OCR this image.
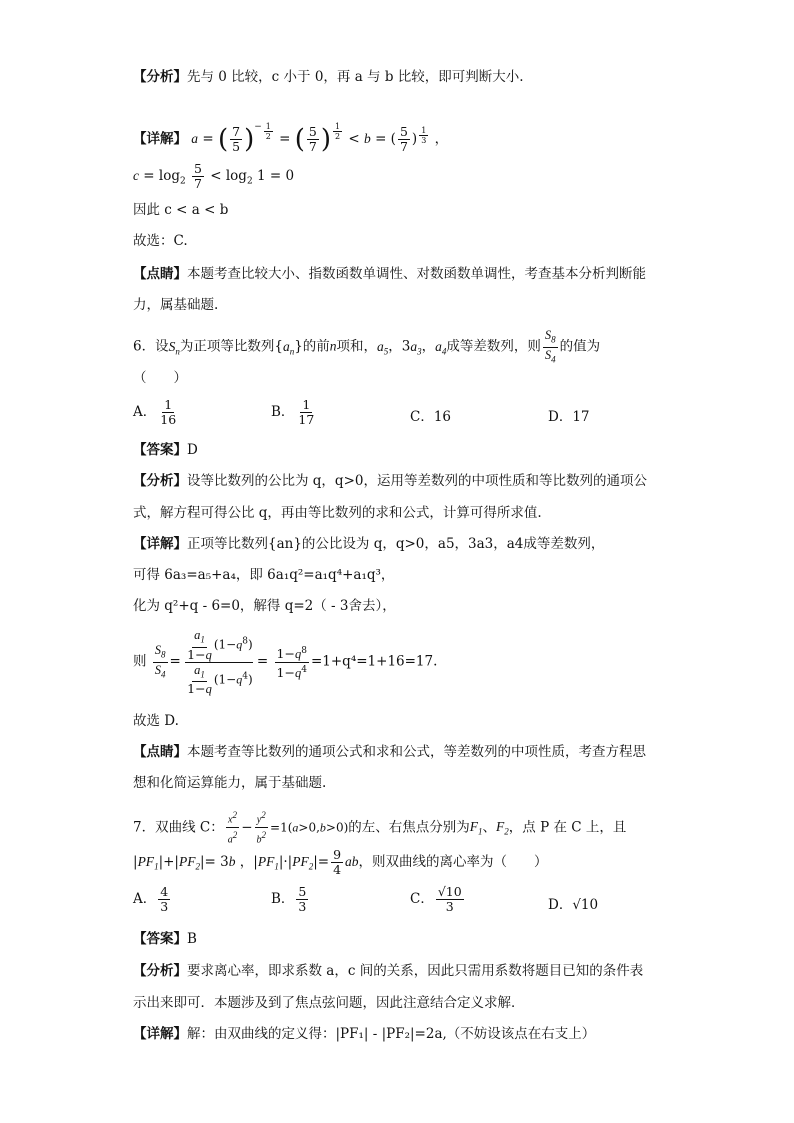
【分析】先与 0 比较，c 小于 0，再 a 与 b 比较，即可判断大小.
【详解】 a = ( $\frac{7}{5} )^{- \frac{1}{2}}$ = ( $\frac{5}{7}$ ) $^{\frac{1}{2}}$ < b = ( $\frac{5}{7}$ ) $^{\frac{1}{3}}$ ，
$c = \log_2 \frac{5}{7} < \log_2 1 = 0$
因此 c < a < b
故选：C.
【点睛】本题考查比较大小、指数函数单调性、对数函数单调性，考查基本分析判断能
力，属基础题.
6．设$S_n$为正项等比数列$\{a_n\}$的前n项和，$a_5$，$3a_3$，$a_4$成等差数列，则 $\frac{S_8}{S_4}$ 的值为
（　　）
A． $\frac{1}{16}$	B． $\frac{1}{17}$	C．16	D．17
【答案】D
【分析】设等比数列的公比为 q，q>0，运用等差数列的中项性质和等比数列的通项公
式，解方程可得公比 q，再由等比数列的求和公式，计算可得所求值.
【详解】正项等比数列{an}的公比设为 q，q>0，a5，3a3，a4成等差数列，
可得 6a₃=a₅+a₄，即 6a₁q²=a₁q⁴+a₁q³，
化为 q²+q - 6=0，解得 q=2（ - 3舍去），
则 $\frac{S_8}{S_4} = \frac{\frac{a_1}{1-q} (1-q^8)}{\frac{a_1}{1-q} (1-q^4)} = \frac{1-q^8}{1-q^4} =1+q^4=1+16=17$.
故选 D.
【点睛】本题考查等比数列的通项公式和求和公式，等差数列的中项性质，考查方程思
想和化简运算能力，属于基础题.
7．双曲线 C： $\frac{x^2}{a^2} - \frac{y^2}{b^2} =1(a>0,b>0)$的左、右焦点分别为$F_1$、$F_2$，点 P 在 C 上，且
$|PF_1|+|PF_2|= 3b$ ，$|PF_1|\cdot|PF_2|= \frac{9}{4}$ ab，则双曲线的离心率为（　　）
A． $\frac{4}{3}$	B． $\frac{5}{3}$	C． $\frac{√10}{3}$	D．√10
【答案】B
【分析】要求离心率，即求系数 a，c 间的关系，因此只需用系数将题目已知的条件表
示出来即可．本题涉及到了焦点弦问题，因此注意结合定义求解．
【详解】解：由双曲线的定义得：|PF₁| - |PF₂|=2a,（不妨设该点在右支上）
